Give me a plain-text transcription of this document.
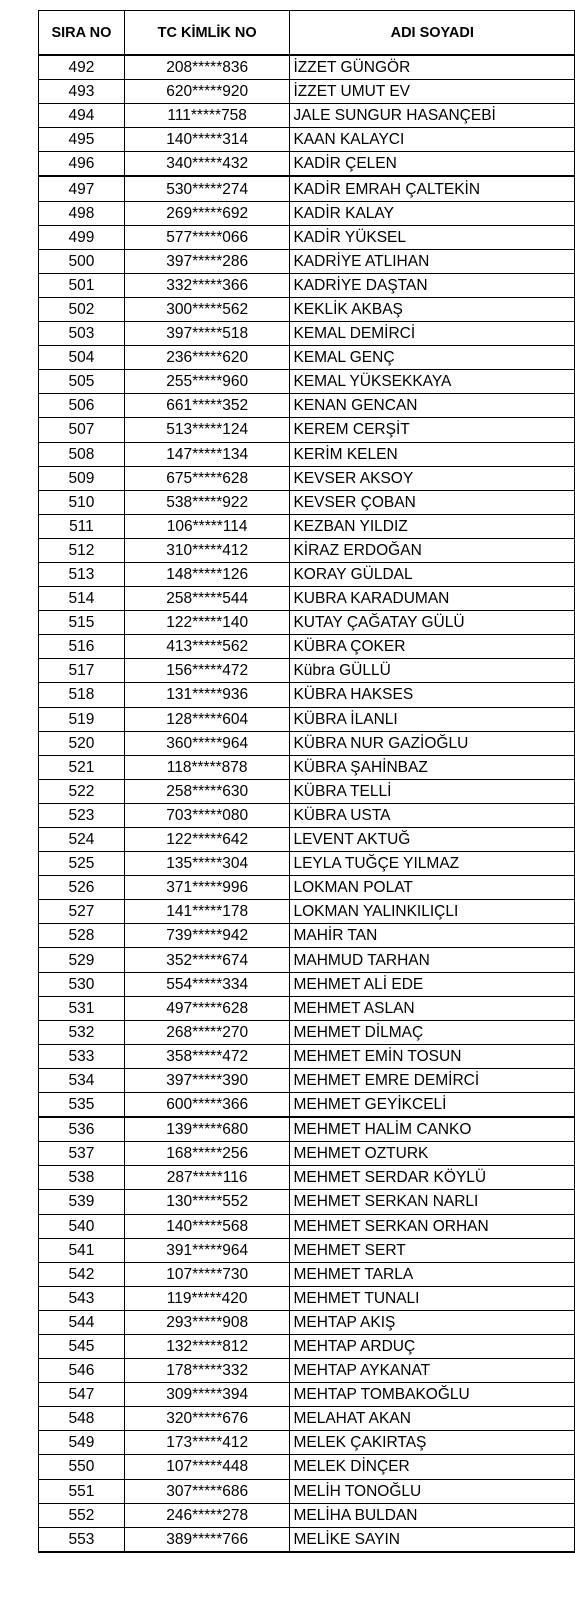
SIRA NO	TC KİMLİK NO	ADI SOYADI
492	208*****836	İZZET GÜNGÖR
493	620*****920	İZZET UMUT EV
494	111*****758	JALE SUNGUR HASANÇEBİ
495	140*****314	KAAN KALAYCI
496	340*****432	KADİR ÇELEN
497	530*****274	KADİR EMRAH ÇALTEKİN
498	269*****692	KADİR KALAY
499	577*****066	KADİR YÜKSEL
500	397*****286	KADRİYE ATLIHAN
501	332*****366	KADRİYE DAŞTAN
502	300*****562	KEKLİK AKBAŞ
503	397*****518	KEMAL DEMİRCİ
504	236*****620	KEMAL GENÇ
505	255*****960	KEMAL YÜKSEKKAYA
506	661*****352	KENAN GENCAN
507	513*****124	KEREM CERŞİT
508	147*****134	KERİM KELEN
509	675*****628	KEVSER AKSOY
510	538*****922	KEVSER ÇOBAN
511	106*****114	KEZBAN YILDIZ
512	310*****412	KİRAZ ERDOĞAN
513	148*****126	KORAY GÜLDAL
514	258*****544	KUBRA KARADUMAN
515	122*****140	KUTAY ÇAĞATAY GÜLÜ
516	413*****562	KÜBRA ÇOKER
517	156*****472	Kübra GÜLLÜ
518	131*****936	KÜBRA HAKSES
519	128*****604	KÜBRA İLANLI
520	360*****964	KÜBRA NUR GAZİOĞLU
521	118*****878	KÜBRA ŞAHİNBAZ
522	258*****630	KÜBRA TELLİ
523	703*****080	KÜBRA USTA
524	122*****642	LEVENT AKTUĞ
525	135*****304	LEYLA TUĞÇE YILMAZ
526	371*****996	LOKMAN POLAT
527	141*****178	LOKMAN YALINKILIÇLI
528	739*****942	MAHİR TAN
529	352*****674	MAHMUD TARHAN
530	554*****334	MEHMET ALİ EDE
531	497*****628	MEHMET ASLAN
532	268*****270	MEHMET DİLMAÇ
533	358*****472	MEHMET EMİN TOSUN
534	397*****390	MEHMET EMRE DEMİRCİ
535	600*****366	MEHMET GEYİKCELİ
536	139*****680	MEHMET HALİM CANKO
537	168*****256	MEHMET OZTURK
538	287*****116	MEHMET SERDAR KÖYLÜ
539	130*****552	MEHMET SERKAN NARLI
540	140*****568	MEHMET SERKAN ORHAN
541	391*****964	MEHMET SERT
542	107*****730	MEHMET TARLA
543	119*****420	MEHMET TUNALI
544	293*****908	MEHTAP AKIŞ
545	132*****812	MEHTAP ARDUÇ
546	178*****332	MEHTAP AYKANAT
547	309*****394	MEHTAP TOMBAKOĞLU
548	320*****676	MELAHAT AKAN
549	173*****412	MELEK ÇAKIRTAŞ
550	107*****448	MELEK DİNÇER
551	307*****686	MELİH TONOĞLU
552	246*****278	MELİHA BULDAN
553	389*****766	MELİKE SAYIN
